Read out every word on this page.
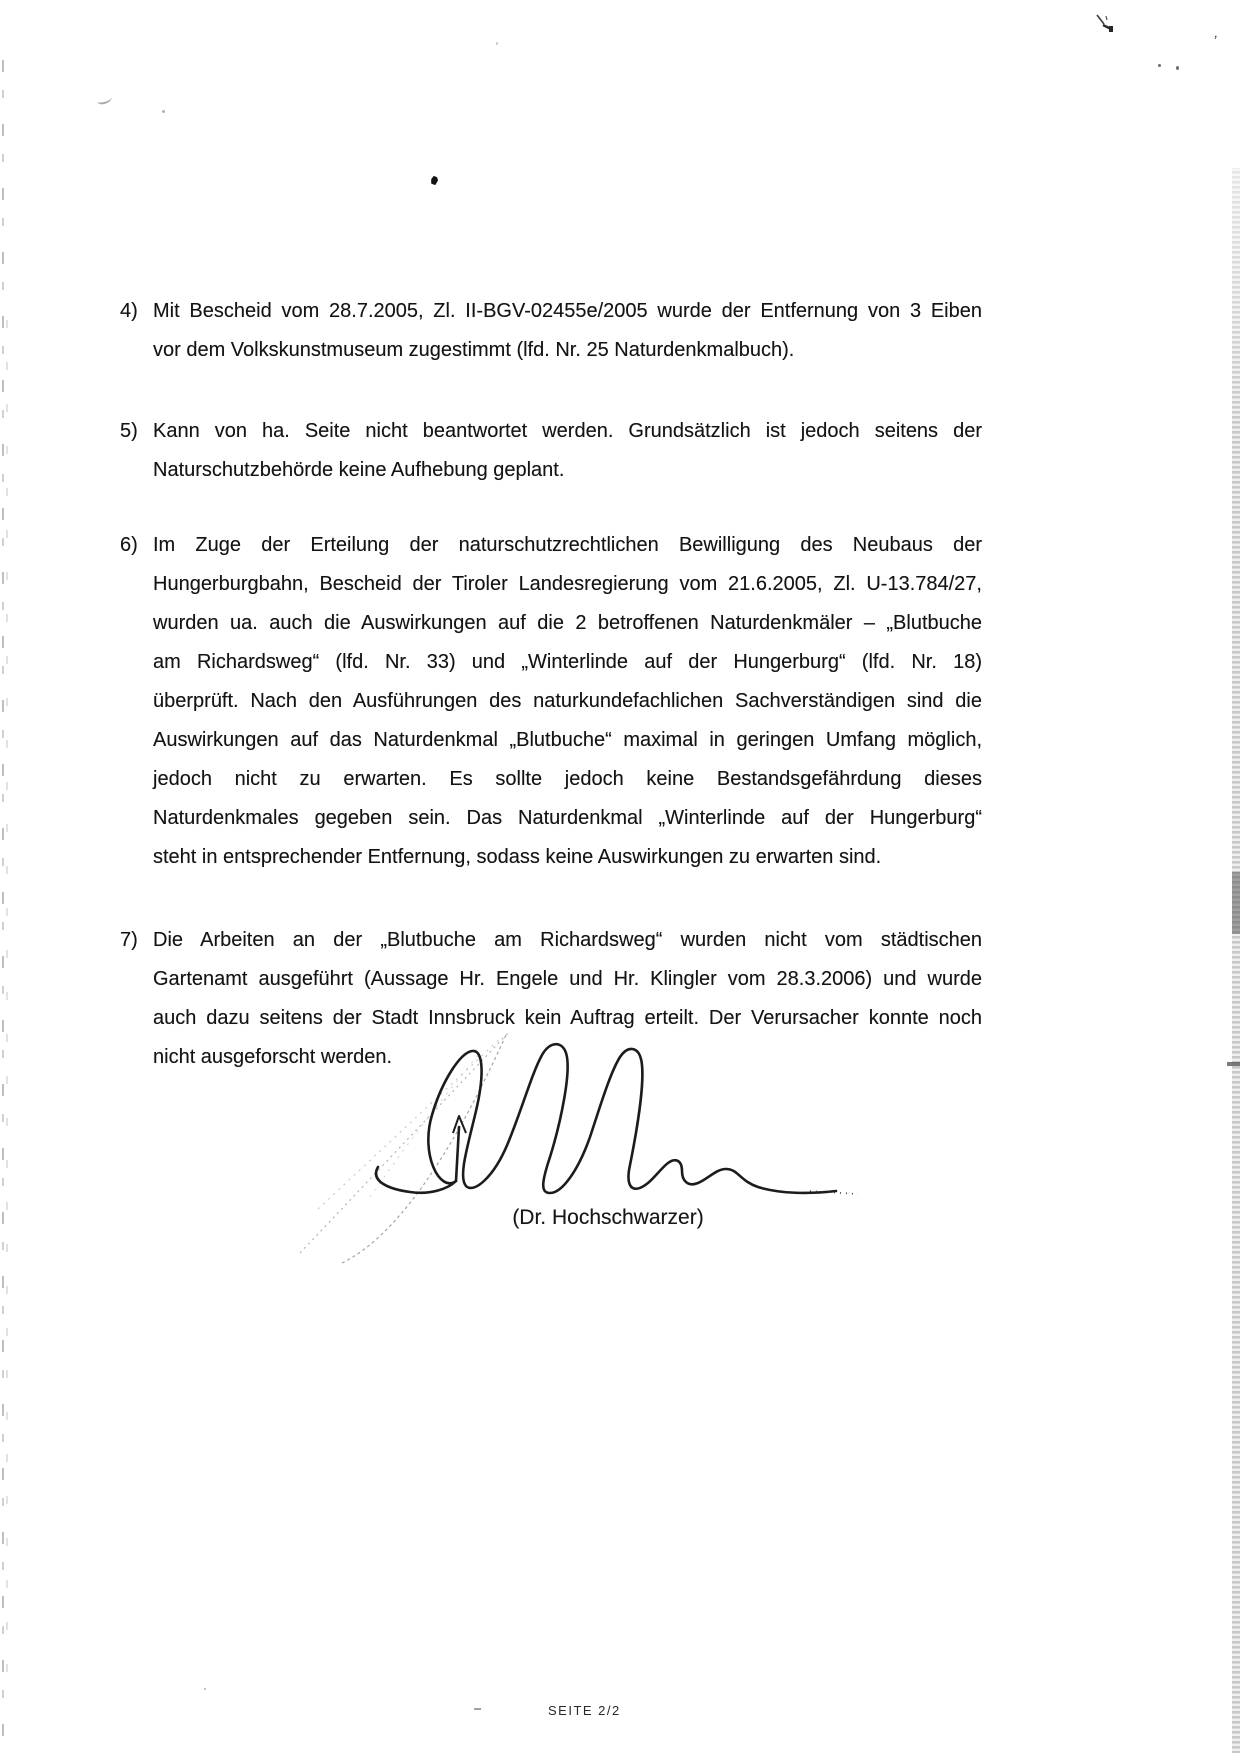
4) Mit Bescheid vom 28.7.2005, Zl. II-BGV-02455e/2005 wurde der Entfernung von 3 Eiben
vor dem Volkskunstmuseum zugestimmt (lfd. Nr. 25 Naturdenkmalbuch).
5) Kann von ha. Seite nicht beantwortet werden. Grundsätzlich ist jedoch seitens der
Naturschutzbehörde keine Aufhebung geplant.
6) Im Zuge der Erteilung der naturschutzrechtlichen Bewilligung des Neubaus der
Hungerburgbahn, Bescheid der Tiroler Landesregierung vom 21.6.2005, Zl. U-13.784/27,
wurden ua. auch die Auswirkungen auf die 2 betroffenen Naturdenkmäler – „Blutbuche
am Richardsweg“ (lfd. Nr. 33) und „Winterlinde auf der Hungerburg“ (lfd. Nr. 18)
überprüft. Nach den Ausführungen des naturkundefachlichen Sachverständigen sind die
Auswirkungen auf das Naturdenkmal „Blutbuche“ maximal in geringen Umfang möglich,
jedoch nicht zu erwarten. Es sollte jedoch keine Bestandsgefährdung dieses
Naturdenkmales gegeben sein. Das Naturdenkmal „Winterlinde auf der Hungerburg“
steht in entsprechender Entfernung, sodass keine Auswirkungen zu erwarten sind.
7) Die Arbeiten an der „Blutbuche am Richardsweg“ wurden nicht vom städtischen
Gartenamt ausgeführt (Aussage Hr. Engele und Hr. Klingler vom 28.3.2006) und wurde
auch dazu seitens der Stadt Innsbruck kein Auftrag erteilt. Der Verursacher konnte noch
nicht ausgeforscht werden.
(Dr. Hochschwarzer)
SEITE 2/2
’
